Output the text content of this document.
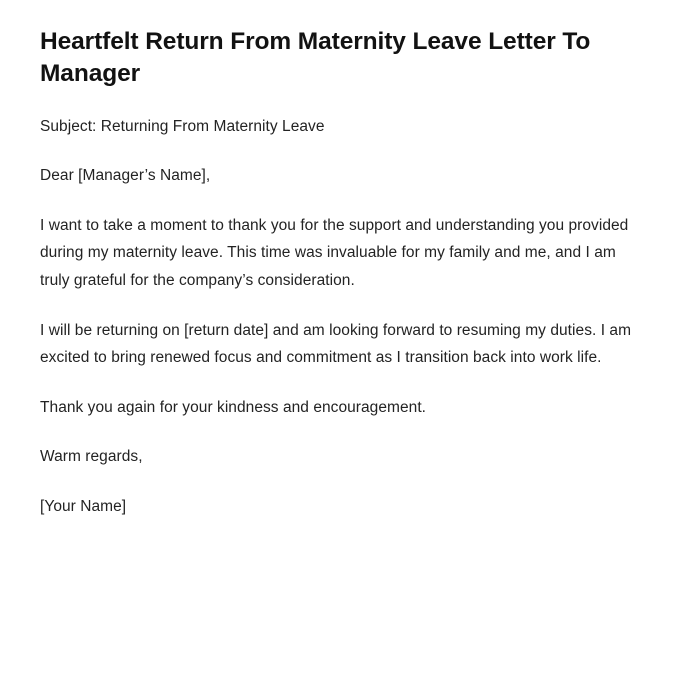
Heartfelt Return From Maternity Leave Letter To Manager

Subject: Returning From Maternity Leave

Dear [Manager’s Name],

I want to take a moment to thank you for the support and understanding you provided during my maternity leave. This time was invaluable for my family and me, and I am truly grateful for the company’s consideration.

I will be returning on [return date] and am looking forward to resuming my duties. I am excited to bring renewed focus and commitment as I transition back into work life.

Thank you again for your kindness and encouragement.

Warm regards,

[Your Name]
